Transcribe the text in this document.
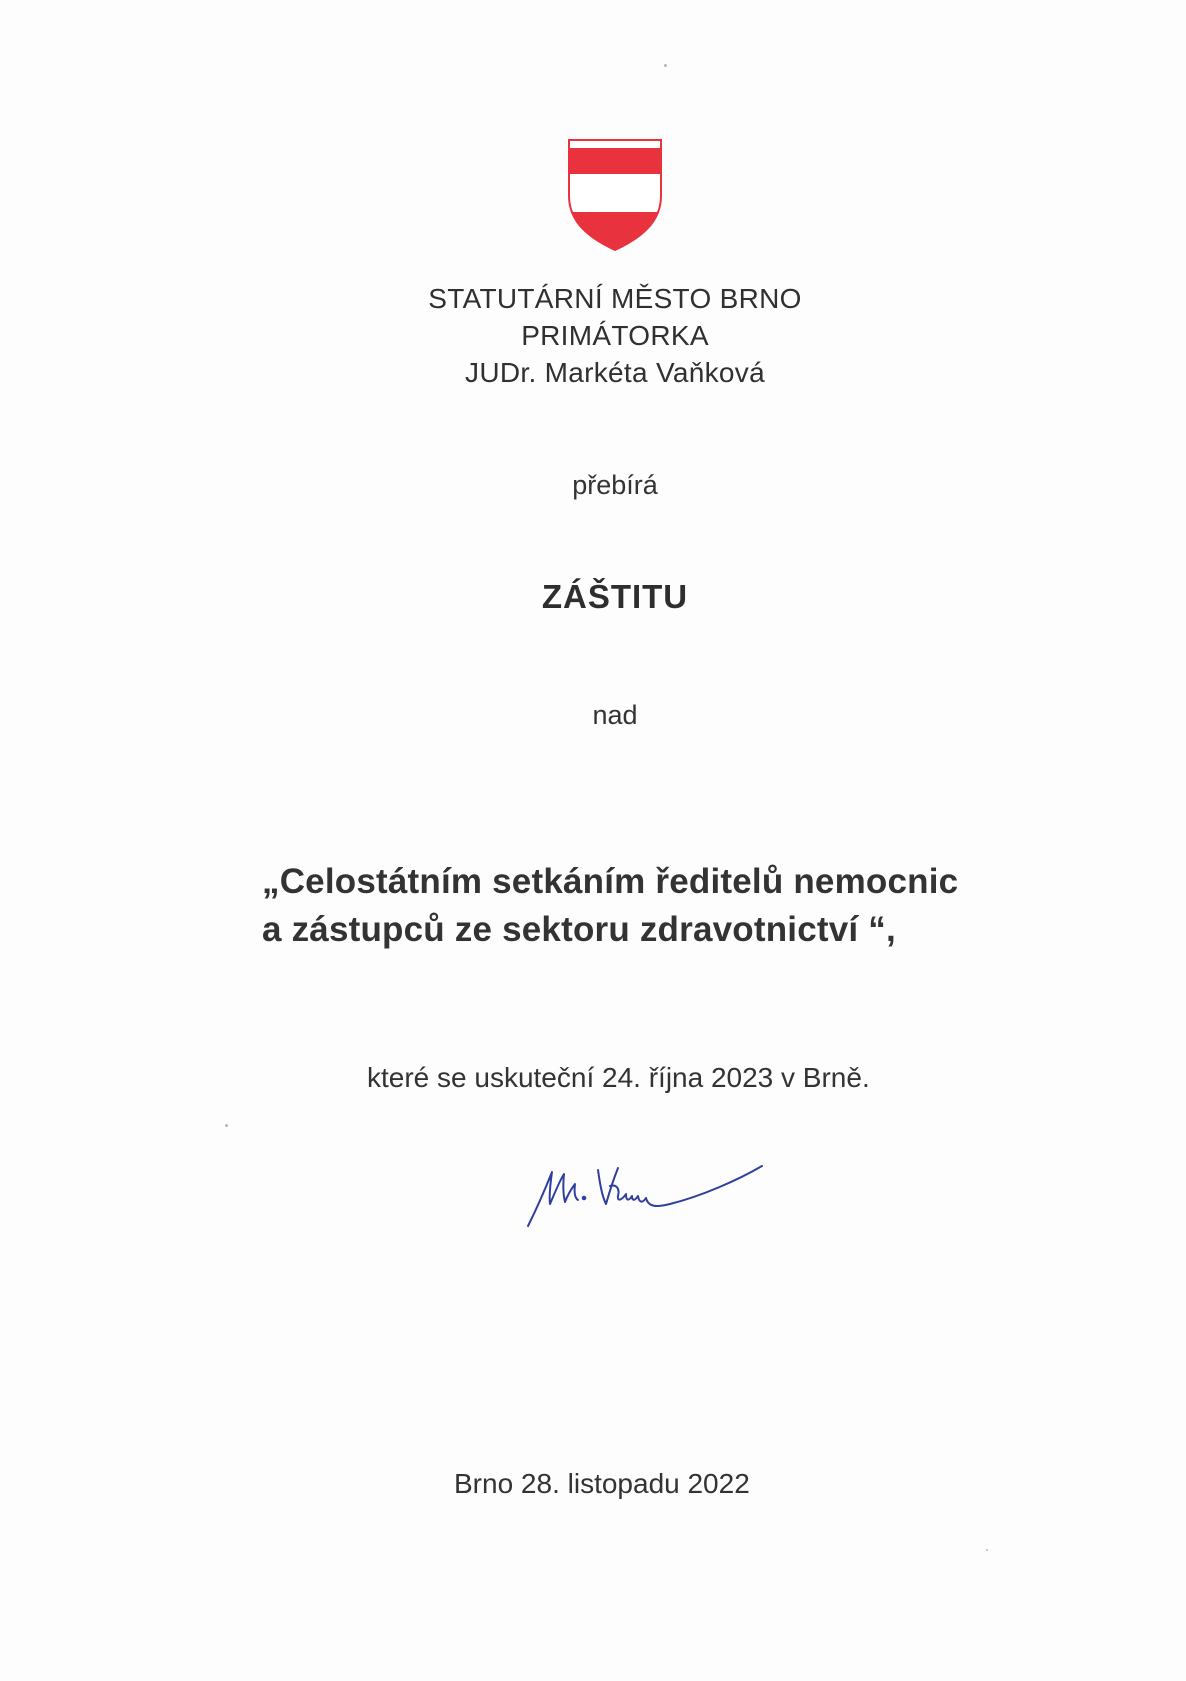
STATUTÁRNÍ MĚSTO BRNO
PRIMÁTORKA
JUDr. Markéta Vaňková
přebírá
ZÁŠTITU
nad
„Celostátním setkáním ředitelů nemocnic
a zástupců ze sektoru zdravotnictví “,
které se uskuteční 24. října 2023 v Brně.
Brno 28. listopadu 2022
